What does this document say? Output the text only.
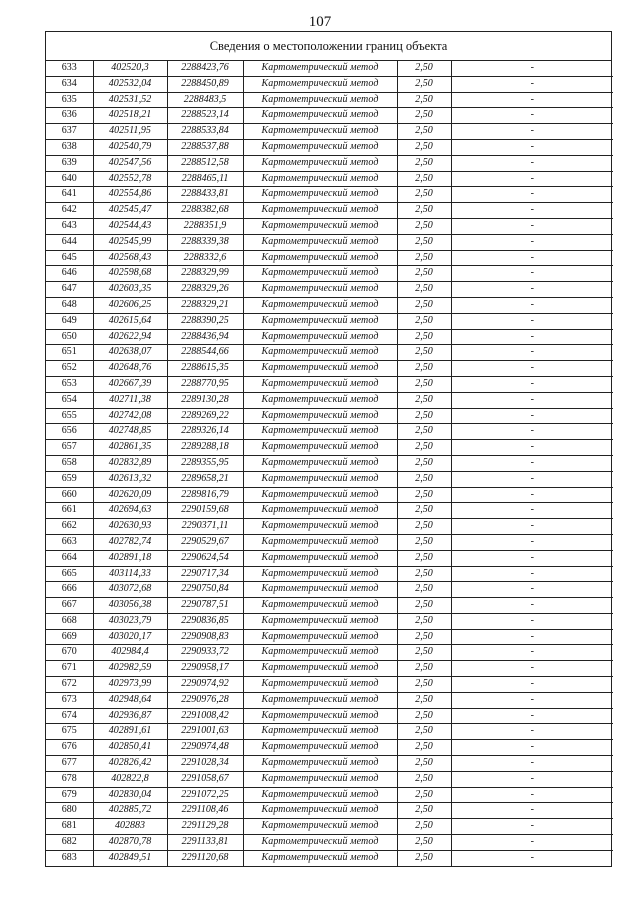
107
Сведения о местоположении границ объекта
633	402520,3	2288423,76	Картометрический метод	2,50	-
634	402532,04	2288450,89	Картометрический метод	2,50	-
635	402531,52	2288483,5	Картометрический метод	2,50	-
636	402518,21	2288523,14	Картометрический метод	2,50	-
637	402511,95	2288533,84	Картометрический метод	2,50	-
638	402540,79	2288537,88	Картометрический метод	2,50	-
639	402547,56	2288512,58	Картометрический метод	2,50	-
640	402552,78	2288465,11	Картометрический метод	2,50	-
641	402554,86	2288433,81	Картометрический метод	2,50	-
642	402545,47	2288382,68	Картометрический метод	2,50	-
643	402544,43	2288351,9	Картометрический метод	2,50	-
644	402545,99	2288339,38	Картометрический метод	2,50	-
645	402568,43	2288332,6	Картометрический метод	2,50	-
646	402598,68	2288329,99	Картометрический метод	2,50	-
647	402603,35	2288329,26	Картометрический метод	2,50	-
648	402606,25	2288329,21	Картометрический метод	2,50	-
649	402615,64	2288390,25	Картометрический метод	2,50	-
650	402622,94	2288436,94	Картометрический метод	2,50	-
651	402638,07	2288544,66	Картометрический метод	2,50	-
652	402648,76	2288615,35	Картометрический метод	2,50	-
653	402667,39	2288770,95	Картометрический метод	2,50	-
654	402711,38	2289130,28	Картометрический метод	2,50	-
655	402742,08	2289269,22	Картометрический метод	2,50	-
656	402748,85	2289326,14	Картометрический метод	2,50	-
657	402861,35	2289288,18	Картометрический метод	2,50	-
658	402832,89	2289355,95	Картометрический метод	2,50	-
659	402613,32	2289658,21	Картометрический метод	2,50	-
660	402620,09	2289816,79	Картометрический метод	2,50	-
661	402694,63	2290159,68	Картометрический метод	2,50	-
662	402630,93	2290371,11	Картометрический метод	2,50	-
663	402782,74	2290529,67	Картометрический метод	2,50	-
664	402891,18	2290624,54	Картометрический метод	2,50	-
665	403114,33	2290717,34	Картометрический метод	2,50	-
666	403072,68	2290750,84	Картометрический метод	2,50	-
667	403056,38	2290787,51	Картометрический метод	2,50	-
668	403023,79	2290836,85	Картометрический метод	2,50	-
669	403020,17	2290908,83	Картометрический метод	2,50	-
670	402984,4	2290933,72	Картометрический метод	2,50	-
671	402982,59	2290958,17	Картометрический метод	2,50	-
672	402973,99	2290974,92	Картометрический метод	2,50	-
673	402948,64	2290976,28	Картометрический метод	2,50	-
674	402936,87	2291008,42	Картометрический метод	2,50	-
675	402891,61	2291001,63	Картометрический метод	2,50	-
676	402850,41	2290974,48	Картометрический метод	2,50	-
677	402826,42	2291028,34	Картометрический метод	2,50	-
678	402822,8	2291058,67	Картометрический метод	2,50	-
679	402830,04	2291072,25	Картометрический метод	2,50	-
680	402885,72	2291108,46	Картометрический метод	2,50	-
681	402883	2291129,28	Картометрический метод	2,50	-
682	402870,78	2291133,81	Картометрический метод	2,50	-
683	402849,51	2291120,68	Картометрический метод	2,50	-
